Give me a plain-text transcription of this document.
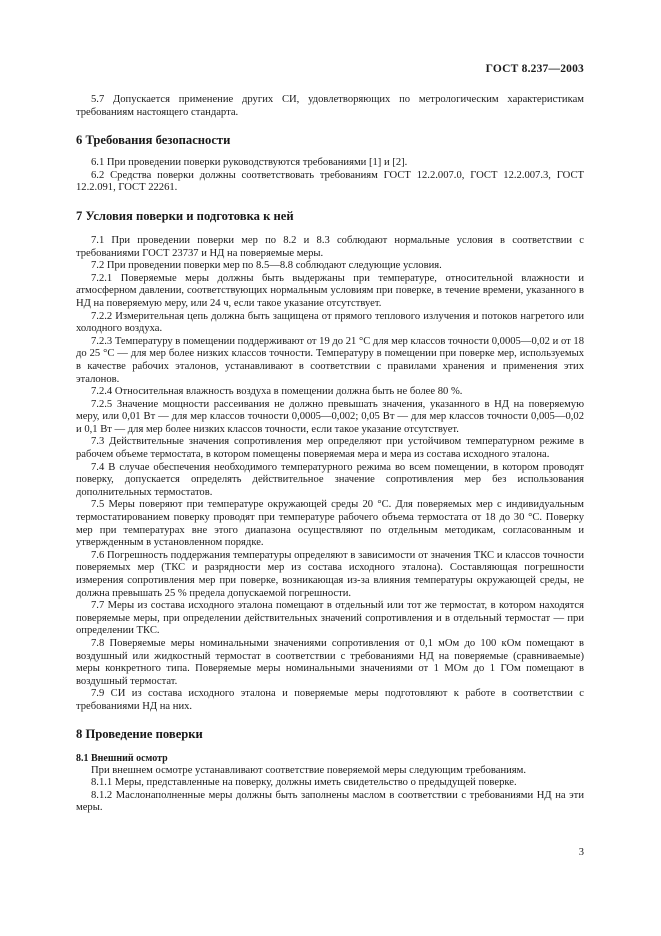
ГОСТ 8.237—2003

5.7 Допускается применение других СИ, удовлетворяющих по метрологическим характеристикам требованиям настоящего стандарта.

6 Требования безопасности

6.1 При проведении поверки руководствуются требованиями [1] и [2].

6.2 Средства поверки должны соответствовать требованиям ГОСТ 12.2.007.0, ГОСТ 12.2.007.3, ГОСТ 12.2.091, ГОСТ 22261.

7 Условия поверки и подготовка к ней

7.1 При проведении поверки мер по 8.2 и 8.3 соблюдают нормальные условия в соответствии с требованиями ГОСТ 23737 и НД на поверяемые меры.

7.2 При проведении поверки мер по 8.5—8.8 соблюдают следующие условия.

7.2.1 Поверяемые меры должны быть выдержаны при температуре, относительной влажности и атмосферном давлении, соответствующих нормальным условиям при поверке, в течение времени, указанного в НД на поверяемую меру, или 24 ч, если такое указание отсутствует.

7.2.2 Измерительная цепь должна быть защищена от прямого теплового излучения и потоков нагретого или холодного воздуха.

7.2.3 Температуру в помещении поддерживают от 19 до 21 °С для мер классов точности 0,0005—0,02 и от 18 до 25 °С — для мер более низких классов точности. Температуру в помещении при поверке мер, используемых в качестве рабочих эталонов, устанавливают в соответствии с правилами хранения и применения этих эталонов.

7.2.4 Относительная влажность воздуха в помещении должна быть не более 80 %.

7.2.5 Значение мощности рассеивания не должно превышать значения, указанного в НД на поверяемую меру, или 0,01 Вт — для мер классов точности 0,0005—0,002; 0,05 Вт — для мер классов точности 0,005—0,02 и 0,1 Вт — для мер более низких классов точности, если такое указание отсутствует.

7.3 Действительные значения сопротивления мер определяют при устойчивом температурном режиме в рабочем объеме термостата, в котором помещены поверяемая мера и мера из состава исходного эталона.

7.4 В случае обеспечения необходимого температурного режима во всем помещении, в котором проводят поверку, допускается определять действительное значение сопротивления мер без использования дополнительных термостатов.

7.5 Меры поверяют при температуре окружающей среды 20 °С. Для поверяемых мер с индивидуальным термостатированием поверку проводят при температуре рабочего объема термостата от 18 до 30 °С. Поверку мер при температурах вне этого диапазона осуществляют по отдельным методикам, согласованным и утвержденным в установленном порядке.

7.6 Погрешность поддержания температуры определяют в зависимости от значения ТКС и классов точности поверяемых мер (ТКС и разрядности мер из состава исходного эталона). Составляющая погрешности измерения сопротивления мер при поверке, возникающая из-за влияния температуры окружающей среды, не должна превышать 25 % предела допускаемой погрешности.

7.7 Меры из состава исходного эталона помещают в отдельный или тот же термостат, в котором находятся поверяемые меры, при определении действительных значений сопротивления и в отдельный термостат — при определении ТКС.

7.8 Поверяемые меры номинальными значениями сопротивления от 0,1 мОм до 100 кОм помещают в воздушный или жидкостный термостат в соответствии с требованиями НД на поверяемые (сравниваемые) меры конкретного типа. Поверяемые меры номинальными значениями от 1 МОм до 1 ГОм помещают в воздушный термостат.

7.9 СИ из состава исходного эталона и поверяемые меры подготовляют к работе в соответствии с требованиями НД на них.

8 Проведение поверки
8.1 Внешний осмотр

При внешнем осмотре устанавливают соответствие поверяемой меры следующим требованиям.

8.1.1 Меры, представленные на поверку, должны иметь свидетельство о предыдущей поверке.

8.1.2 Маслонаполненные меры должны быть заполнены маслом в соответствии с требованиями НД на эти меры.

3
